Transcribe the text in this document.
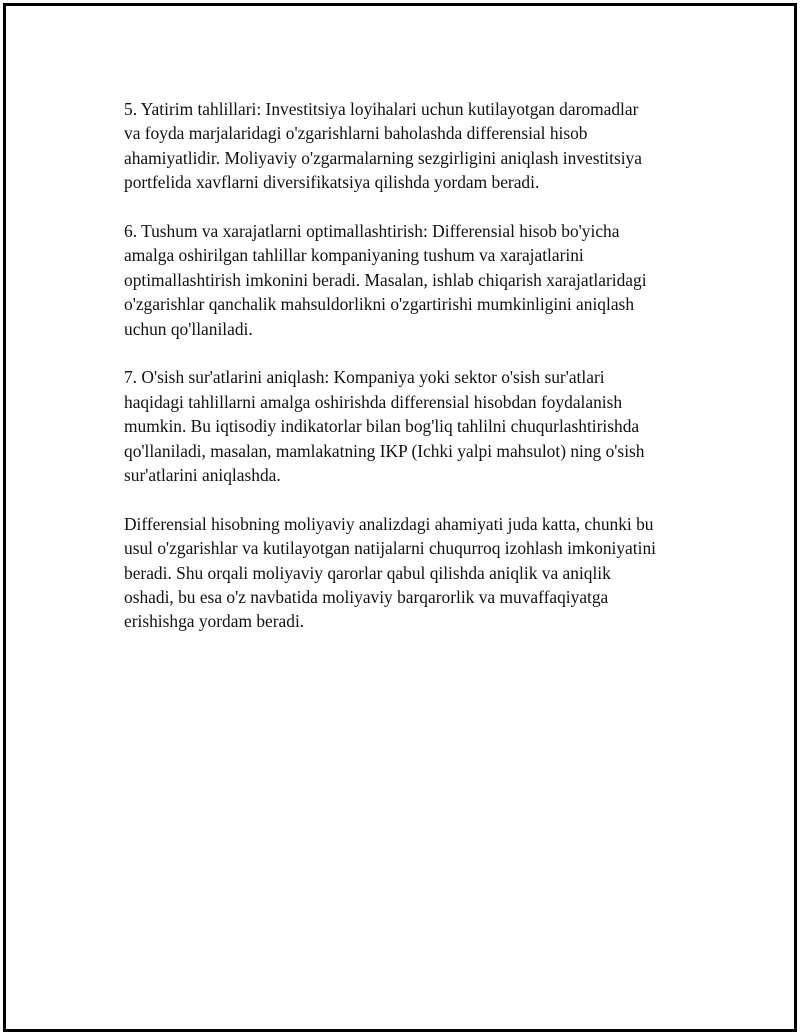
5. Yatirim tahlillari: Investitsiya loyihalari uchun kutilayotgan daromadlar
va foyda marjalaridagi o'zgarishlarni baholashda differensial hisob
ahamiyatlidir. Moliyaviy o'zgarmalarning sezgirligini aniqlash investitsiya
portfelida xavflarni diversifikatsiya qilishda yordam beradi.

6. Tushum va xarajatlarni optimallashtirish: Differensial hisob bo'yicha
amalga oshirilgan tahlillar kompaniyaning tushum va xarajatlarini
optimallashtirish imkonini beradi. Masalan, ishlab chiqarish xarajatlaridagi
o'zgarishlar qanchalik mahsuldorlikni o'zgartirishi mumkinligini aniqlash
uchun qo'llaniladi.

7. O'sish sur'atlarini aniqlash: Kompaniya yoki sektor o'sish sur'atlari
haqidagi tahlillarni amalga oshirishda differensial hisobdan foydalanish
mumkin. Bu iqtisodiy indikatorlar bilan bog'liq tahlilni chuqurlashtirishda
qo'llaniladi, masalan, mamlakatning IKP (Ichki yalpi mahsulot) ning o'sish
sur'atlarini aniqlashda.

Differensial hisobning moliyaviy analizdagi ahamiyati juda katta, chunki bu
usul o'zgarishlar va kutilayotgan natijalarni chuqurroq izohlash imkoniyatini
beradi. Shu orqali moliyaviy qarorlar qabul qilishda aniqlik va aniqlik
oshadi, bu esa o'z navbatida moliyaviy barqarorlik va muvaffaqiyatga
erishishga yordam beradi.
